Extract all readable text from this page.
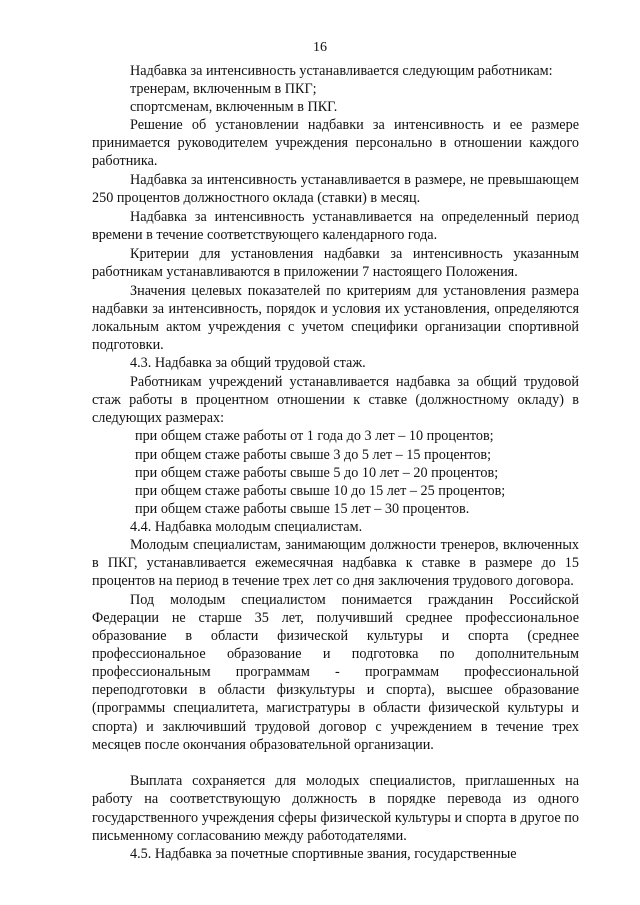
16
Надбавка за интенсивность устанавливается следующим работникам:
тренерам, включенным в ПКГ;
спортсменам, включенным в ПКГ.
Решение об установлении надбавки за интенсивность и ее размере принимается руководителем учреждения персонально в отношении каждого работника.
Надбавка за интенсивность устанавливается в размере, не превышающем 250 процентов должностного оклада (ставки) в месяц.
Надбавка за интенсивность устанавливается на определенный период времени в течение соответствующего календарного года.
Критерии для установления надбавки за интенсивность указанным работникам устанавливаются в приложении 7 настоящего Положения.
Значения целевых показателей по критериям для установления размера надбавки за интенсивность, порядок и условия их установления, определяются локальным актом учреждения с учетом специфики организации спортивной подготовки.
4.3. Надбавка за общий трудовой стаж.
Работникам учреждений устанавливается надбавка за общий трудовой стаж работы в процентном отношении к ставке (должностному окладу) в следующих размерах:
при общем стаже работы от 1 года до 3 лет – 10 процентов;
при общем стаже работы свыше 3 до 5 лет – 15 процентов;
при общем стаже работы свыше 5 до 10 лет – 20 процентов;
при общем стаже работы свыше 10 до 15 лет – 25 процентов;
при общем стаже работы свыше 15 лет – 30 процентов.
4.4. Надбавка молодым специалистам.
Молодым специалистам, занимающим должности тренеров, включенных в ПКГ, устанавливается ежемесячная надбавка к ставке в размере до 15 процентов на период в течение трех лет со дня заключения трудового договора.
Под молодым специалистом понимается гражданин Российской Федерации не старше 35 лет, получивший среднее профессиональное образование в области физической культуры и спорта (среднее профессиональное образование и подготовка по дополнительным профессиональным программам - программам профессиональной переподготовки в области физкультуры и спорта), высшее образование (программы специалитета, магистратуры в области физической культуры и спорта) и заключивший трудовой договор с учреждением в течение трех месяцев после окончания образовательной организации.
Выплата сохраняется для молодых специалистов, приглашенных на работу на соответствующую должность в порядке перевода из одного государственного учреждения сферы физической культуры и спорта в другое по письменному согласованию между работодателями.
4.5. Надбавка за почетные спортивные звания, государственные
